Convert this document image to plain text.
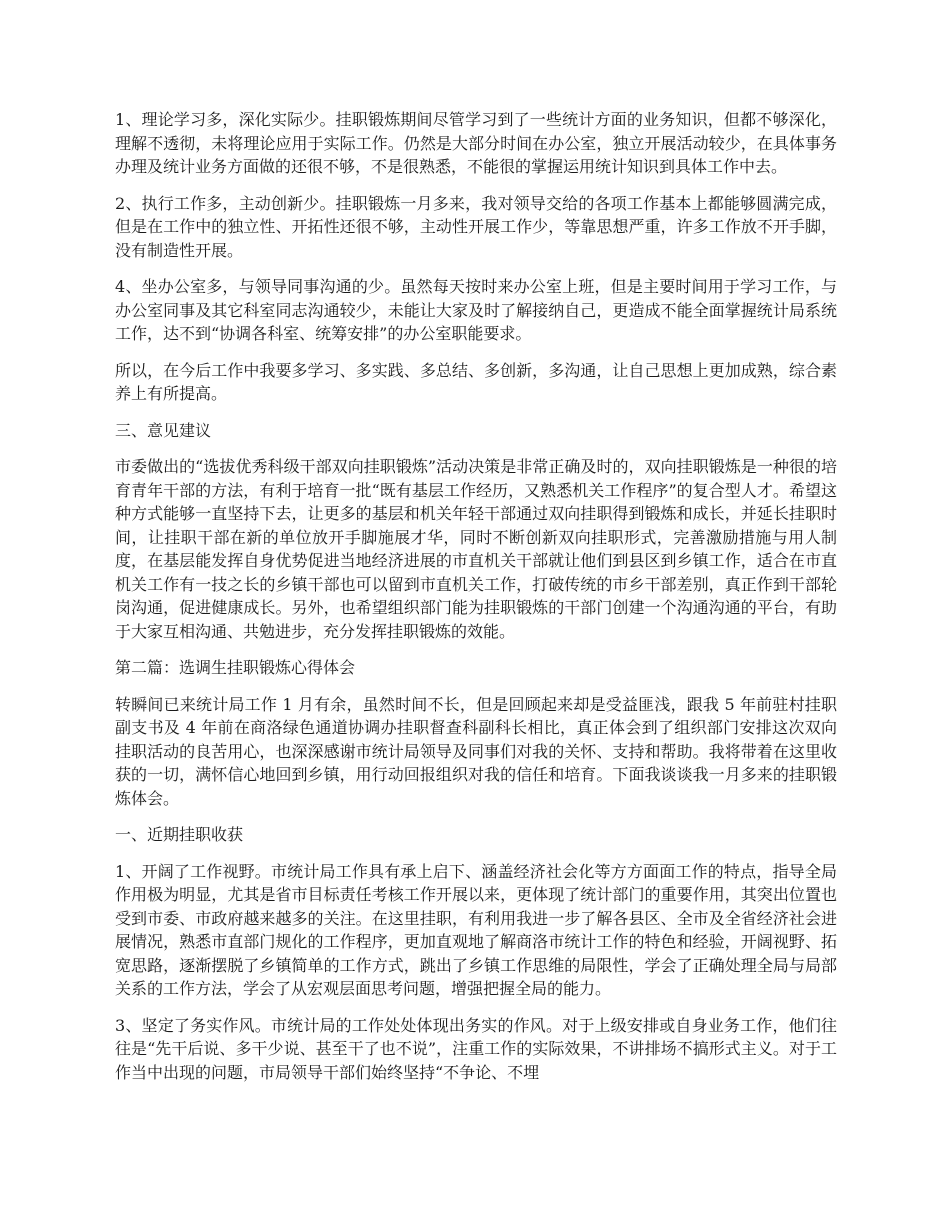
1、理论学习多，深化实际少。挂职锻炼期间尽管学习到了一些统计方面的业务知识，但都不够深化，理解不透彻，未将理论应用于实际工作。仍然是大部分时间在办公室，独立开展活动较少，在具体事务办理及统计业务方面做的还很不够，不是很熟悉，不能很的掌握运用统计知识到具体工作中去。

2、执行工作多，主动创新少。挂职锻炼一月多来，我对领导交给的各项工作基本上都能够圆满完成，但是在工作中的独立性、开拓性还很不够，主动性开展工作少，等靠思想严重，许多工作放不开手脚，没有制造性开展。

4、坐办公室多，与领导同事沟通的少。虽然每天按时来办公室上班，但是主要时间用于学习工作，与办公室同事及其它科室同志沟通较少，未能让大家及时了解接纳自己，更造成不能全面掌握统计局系统工作，达不到“协调各科室、统筹安排”的办公室职能要求。

所以，在今后工作中我要多学习、多实践、多总结、多创新，多沟通，让自己思想上更加成熟，综合素养上有所提高。

三、意见建议

市委做出的“选拔优秀科级干部双向挂职锻炼”活动决策是非常正确及时的，双向挂职锻炼是一种很的培育青年干部的方法，有利于培育一批“既有基层工作经历，又熟悉机关工作程序”的复合型人才。希望这种方式能够一直坚持下去，让更多的基层和机关年轻干部通过双向挂职得到锻炼和成长，并延长挂职时间，让挂职干部在新的单位放开手脚施展才华，同时不断创新双向挂职形式，完善激励措施与用人制度，在基层能发挥自身优势促进当地经济进展的市直机关干部就让他们到县区到乡镇工作，适合在市直机关工作有一技之长的乡镇干部也可以留到市直机关工作，打破传统的市乡干部差别，真正作到干部轮岗沟通，促进健康成长。另外，也希望组织部门能为挂职锻炼的干部门创建一个沟通沟通的平台，有助于大家互相沟通、共勉进步，充分发挥挂职锻炼的效能。

第二篇：选调生挂职锻炼心得体会

转瞬间已来统计局工作 1 月有余，虽然时间不长，但是回顾起来却是受益匪浅，跟我 5 年前驻村挂职副支书及 4 年前在商洛绿色通道协调办挂职督查科副科长相比，真正体会到了组织部门安排这次双向挂职活动的良苦用心，也深深感谢市统计局领导及同事们对我的关怀、支持和帮助。我将带着在这里收获的一切，满怀信心地回到乡镇，用行动回报组织对我的信任和培育。下面我谈谈我一月多来的挂职锻炼体会。

一、近期挂职收获

1、开阔了工作视野。市统计局工作具有承上启下、涵盖经济社会化等方方面面工作的特点，指导全局作用极为明显，尤其是省市目标责任考核工作开展以来，更体现了统计部门的重要作用，其突出位置也受到市委、市政府越来越多的关注。在这里挂职，有利用我进一步了解各县区、全市及全省经济社会进展情况，熟悉市直部门规化的工作程序，更加直观地了解商洛市统计工作的特色和经验，开阔视野、拓宽思路，逐渐摆脱了乡镇简单的工作方式，跳出了乡镇工作思维的局限性，学会了正确处理全局与局部关系的工作方法，学会了从宏观层面思考问题，增强把握全局的能力。

3、坚定了务实作风。市统计局的工作处处体现出务实的作风。对于上级安排或自身业务工作，他们往往是“先干后说、多干少说、甚至干了也不说”，注重工作的实际效果，不讲排场不搞形式主义。对于工作当中出现的问题，市局领导干部们始终坚持“不争论、不埋
